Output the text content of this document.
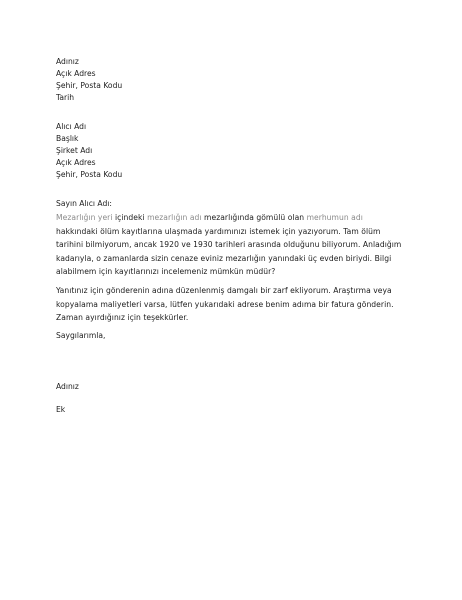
Adınız
Açık Adres
Şehir, Posta Kodu
Tarih
Alıcı Adı
Başlık
Şirket Adı
Açık Adres
Şehir, Posta Kodu
Sayın Alıcı Adı:
Mezarlığın yeri içindeki mezarlığın adı mezarlığında gömülü olan merhumun adı hakkındaki ölüm kayıtlarına ulaşmada yardımınızı istemek için yazıyorum. Tam ölüm tarihini bilmiyorum, ancak 1920 ve 1930 tarihleri arasında olduğunu biliyorum. Anladığım kadarıyla, o zamanlarda sizin cenaze eviniz mezarlığın yanındaki üç evden biriydi. Bilgi alabilmem için kayıtlarınızı incelemeniz mümkün müdür?
Yanıtınız için gönderenin adına düzenlenmiş damgalı bir zarf ekliyorum. Araştırma veya kopyalama maliyetleri varsa, lütfen yukarıdaki adrese benim adıma bir fatura gönderin. Zaman ayırdığınız için teşekkürler.
Saygılarımla,
Adınız
Ek
